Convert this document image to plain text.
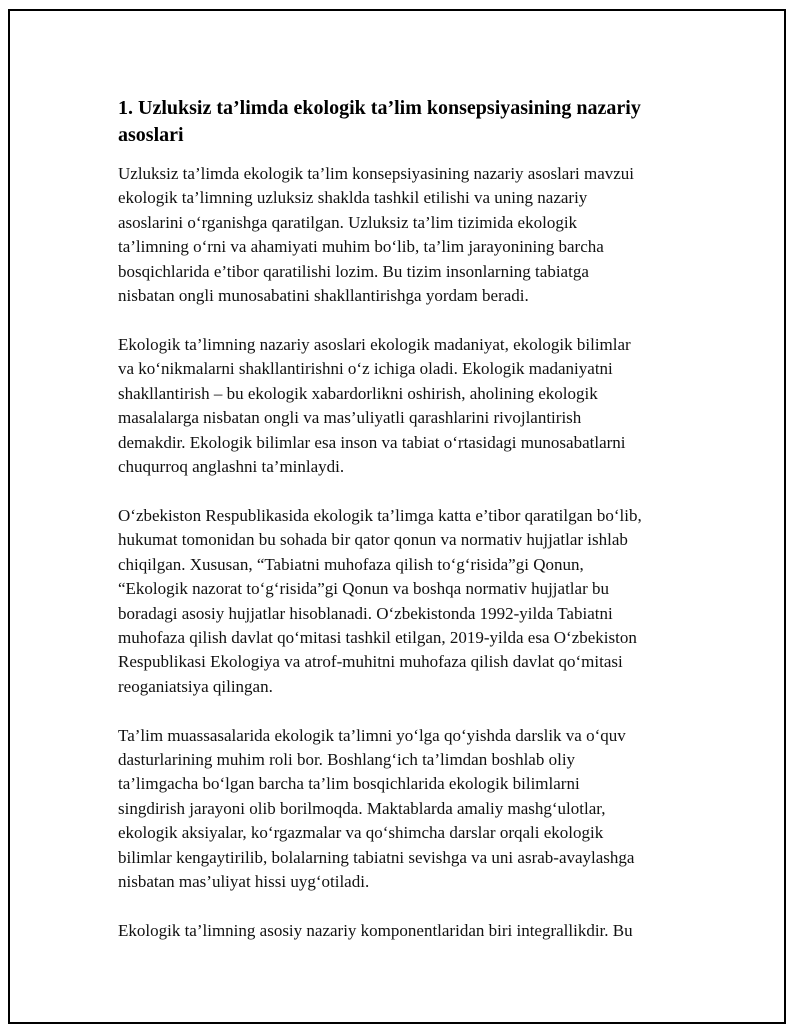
1. Uzluksiz ta’limda ekologik ta’lim konsepsiyasining nazariy asoslari

Uzluksiz ta’limda ekologik ta’lim konsepsiyasining nazariy asoslari mavzui
ekologik ta’limning uzluksiz shaklda tashkil etilishi va uning nazariy
asoslarini o‘rganishga qaratilgan. Uzluksiz ta’lim tizimida ekologik
ta’limning o‘rni va ahamiyati muhim bo‘lib, ta’lim jarayonining barcha
bosqichlarida e’tibor qaratilishi lozim. Bu tizim insonlarning tabiatga
nisbatan ongli munosabatini shakllantirishga yordam beradi.

Ekologik ta’limning nazariy asoslari ekologik madaniyat, ekologik bilimlar
va ko‘nikmalarni shakllantirishni o‘z ichiga oladi. Ekologik madaniyatni
shakllantirish – bu ekologik xabardorlikni oshirish, aholining ekologik
masalalarga nisbatan ongli va mas’uliyatli qarashlarini rivojlantirish
demakdir. Ekologik bilimlar esa inson va tabiat o‘rtasidagi munosabatlarni
chuqurroq anglashni ta’minlaydi.

O‘zbekiston Respublikasida ekologik ta’limga katta e’tibor qaratilgan bo‘lib,
hukumat tomonidan bu sohada bir qator qonun va normativ hujjatlar ishlab
chiqilgan. Xususan, “Tabiatni muhofaza qilish to‘g‘risida”gi Qonun,
“Ekologik nazorat to‘g‘risida”gi Qonun va boshqa normativ hujjatlar bu
boradagi asosiy hujjatlar hisoblanadi. O‘zbekistonda 1992-yilda Tabiatni
muhofaza qilish davlat qo‘mitasi tashkil etilgan, 2019-yilda esa O‘zbekiston
Respublikasi Ekologiya va atrof-muhitni muhofaza qilish davlat qo‘mitasi
reoganiatsiya qilingan.

Ta’lim muassasalarida ekologik ta’limni yo‘lga qo‘yishda darslik va o‘quv
dasturlarining muhim roli bor. Boshlang‘ich ta’limdan boshlab oliy
ta’limgacha bo‘lgan barcha ta’lim bosqichlarida ekologik bilimlarni
singdirish jarayoni olib borilmoqda. Maktablarda amaliy mashg‘ulotlar,
ekologik aksiyalar, ko‘rgazmalar va qo‘shimcha darslar orqali ekologik
bilimlar kengaytirilib, bolalarning tabiatni sevishga va uni asrab-avaylashga
nisbatan mas’uliyat hissi uyg‘otiladi.

Ekologik ta’limning asosiy nazariy komponentlaridan biri integrallikdir. Bu
